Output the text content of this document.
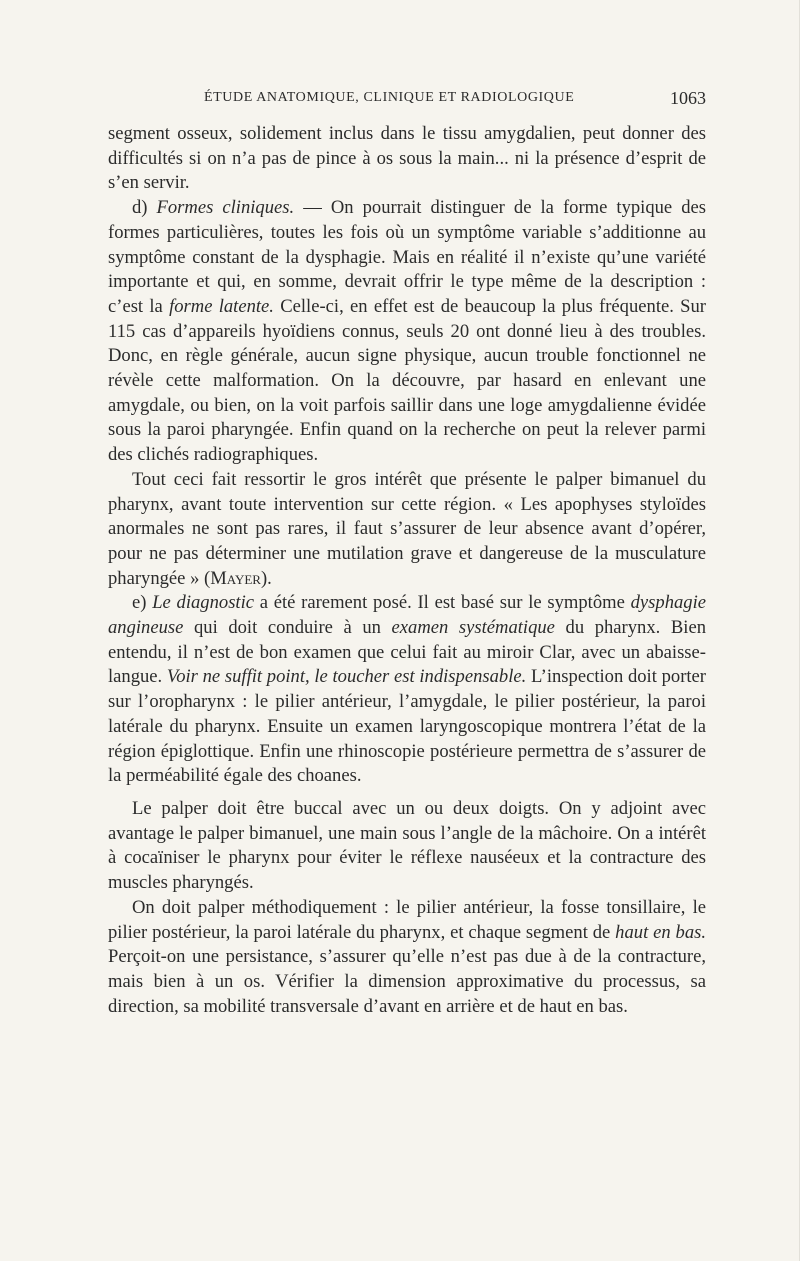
ÉTUDE ANATOMIQUE, CLINIQUE ET RADIOLOGIQUE	1063

segment osseux, solidement inclus dans le tissu amygdalien, peut donner des difficultés si on n’a pas de pince à os sous la main... ni la présence d’esprit de s’en servir.

d) Formes cliniques. — On pourrait distinguer de la forme typique des formes particulières, toutes les fois où un symptôme variable s’additionne au symptôme constant de la dysphagie. Mais en réalité il n’existe qu’une variété importante et qui, en somme, devrait offrir le type même de la description : c’est la forme latente. Celle-ci, en effet est de beaucoup la plus fréquente. Sur 115 cas d’appareils hyoïdiens connus, seuls 20 ont donné lieu à des troubles. Donc, en règle générale, aucun signe physique, aucun trouble fonctionnel ne révèle cette malformation. On la découvre, par hasard en enlevant une amygdale, ou bien, on la voit parfois saillir dans une loge amygdalienne évidée sous la paroi pharyngée. Enfin quand on la recherche on peut la relever parmi des clichés radiographiques.

Tout ceci fait ressortir le gros intérêt que présente le palper bimanuel du pharynx, avant toute intervention sur cette région. « Les apophyses styloïdes anormales ne sont pas rares, il faut s’assurer de leur absence avant d’opérer, pour ne pas déterminer une mutilation grave et dangereuse de la musculature pharyngée » (Mayer).

e) Le diagnostic a été rarement posé. Il est basé sur le symptôme dysphagie angineuse qui doit conduire à un examen systématique du pharynx. Bien entendu, il n’est de bon examen que celui fait au miroir Clar, avec un abaisse-langue. Voir ne suffit point, le toucher est indispensable. L’inspection doit porter sur l’oropharynx : le pilier antérieur, l’amygdale, le pilier postérieur, la paroi latérale du pharynx. Ensuite un examen laryngoscopique montrera l’état de la région épiglottique. Enfin une rhinoscopie postérieure permettra de s’assurer de la perméabilité égale des choanes.

Le palper doit être buccal avec un ou deux doigts. On y adjoint avec avantage le palper bimanuel, une main sous l’angle de la mâchoire. On a intérêt à cocaïniser le pharynx pour éviter le réflexe nauséeux et la contracture des muscles pharyngés.

On doit palper méthodiquement : le pilier antérieur, la fosse tonsillaire, le pilier postérieur, la paroi latérale du pharynx, et chaque segment de haut en bas. Perçoit-on une persistance, s’assurer qu’elle n’est pas due à de la contracture, mais bien à un os. Vérifier la dimension approximative du processus, sa direction, sa mobilité transversale d’avant en arrière et de haut en bas.
